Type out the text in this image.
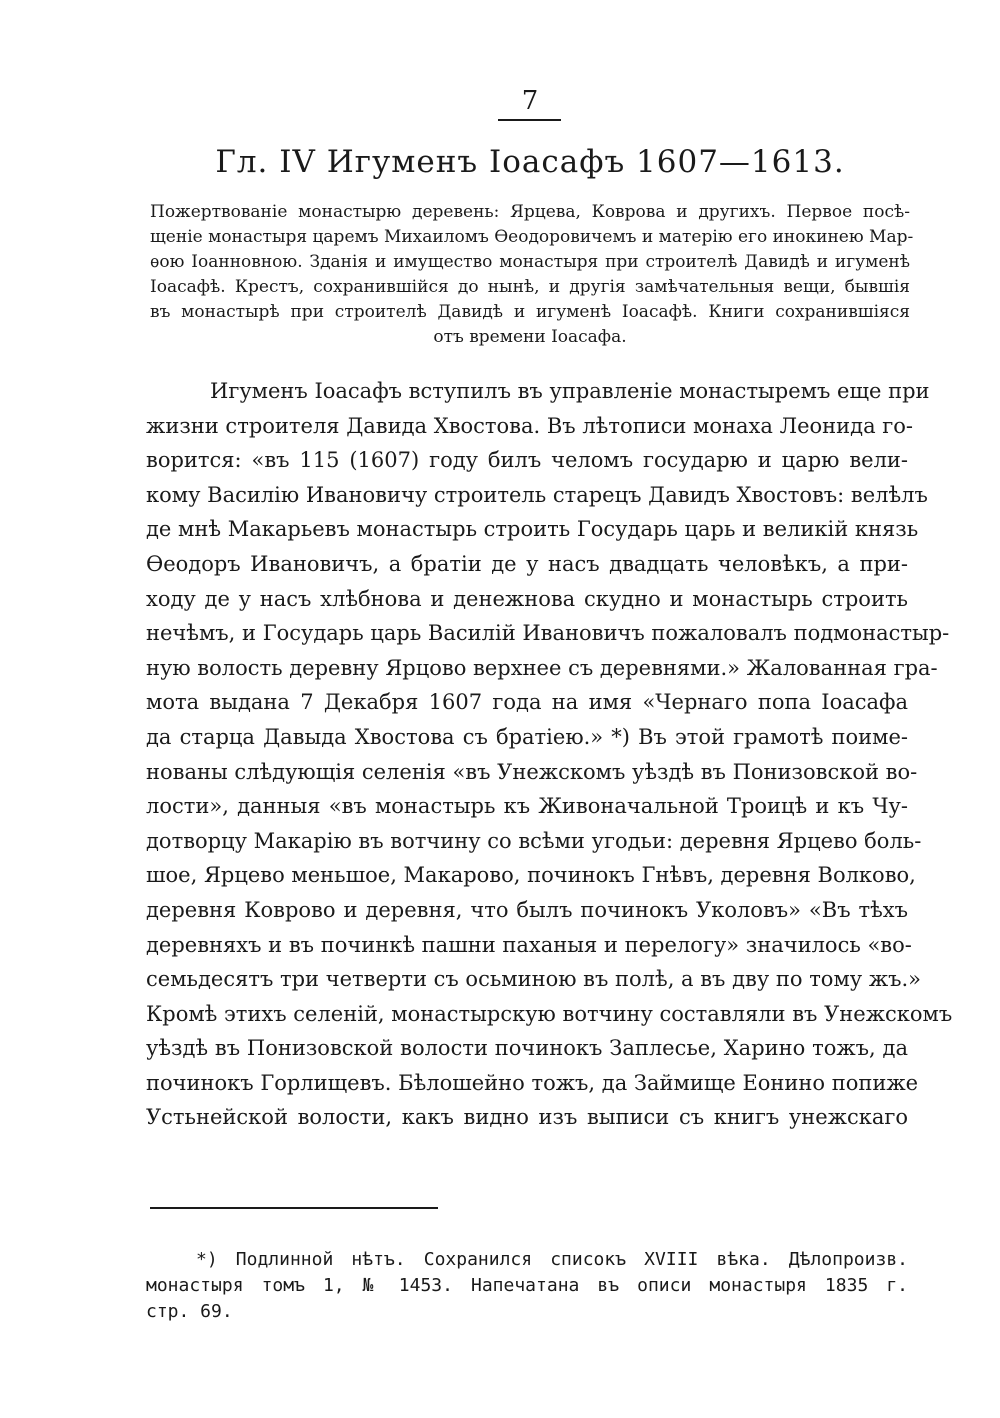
7
Гл. IV Игуменъ Іоасафъ 1607—1613.
Пожертвованіе монастырю деревень: Ярцева, Коврова и другихъ. Первое посѣ-
щеніе монастыря царемъ Михаиломъ Ѳеодоровичемъ и матерію его инокинею Мар-
ѳою Іоанновною. Зданія и имущество монастыря при строителѣ Давидѣ и игуменѣ
Іоасафѣ. Крестъ, сохранившійся до нынѣ, и другія замѣчательныя вещи, бывшія
въ монастырѣ при строителѣ Давидѣ и игуменѣ Іоасафѣ. Книги сохранившіяся
отъ времени Іоасафа.
Игуменъ Іоасафъ вступилъ въ управленіе монастыремъ еще при
жизни строителя Давида Хвостова. Въ лѣтописи монаха Леонида го-
ворится: «въ 115 (1607) году билъ челомъ государю и царю вели-
кому Василію Ивановичу строитель старецъ Давидъ Хвостовъ: велѣлъ
де мнѣ Макарьевъ монастырь строить Государь царь и великій князь
Ѳеодоръ Ивановичъ, а братіи де у насъ двадцать человѣкъ, а при-
ходу де у насъ хлѣбнова и денежнова скудно и монастырь строить
нечѣмъ, и Государь царь Василій Ивановичъ пожаловалъ подмонастыр-
ную волость деревну Ярцово верхнее съ деревнями.» Жалованная гра-
мота выдана 7 Декабря 1607 года на имя «Чернаго попа Іоасафа
да старца Давыда Хвостова съ братіею.» *) Въ этой грамотѣ поимe-
нованы слѣдующія селенія «въ Унежскомъ уѣздѣ въ Понизовской во-
лости», данныя «въ монастырь къ Живоначальной Троицѣ и къ Чу-
дотворцу Макарію въ вотчину со всѣми угодьи: деревня Ярцево боль-
шое, Ярцево меньшое, Макарово, починокъ Гнѣвъ, деревня Волково,
деревня Коврово и деревня, что былъ починокъ Уколовъ» «Въ тѣхъ
деревняхъ и въ починкѣ пашни паханыя и перелогу» значилось «во-
семьдесятъ три четверти съ осьминою въ полѣ, а въ дву по тому жъ.»
Кромѣ этихъ селеній, монастырскую вотчину составляли въ Унежскомъ
уѣздѣ въ Понизовской волости починокъ Заплесье, Харино тожъ, да
починокъ Горлищевъ. Бѣлошейно тожъ, да Займище Еонино попиже
Устьнейской волости, какъ видно изъ выписи съ книгъ унежскаго
*) Подлинной нѣтъ. Сохранился списокъ XVIII вѣка. Дѣлопроизв.
монастыря томъ 1, № 1453. Напечатана въ описи монастыря 1835 г.
стр. 69.
